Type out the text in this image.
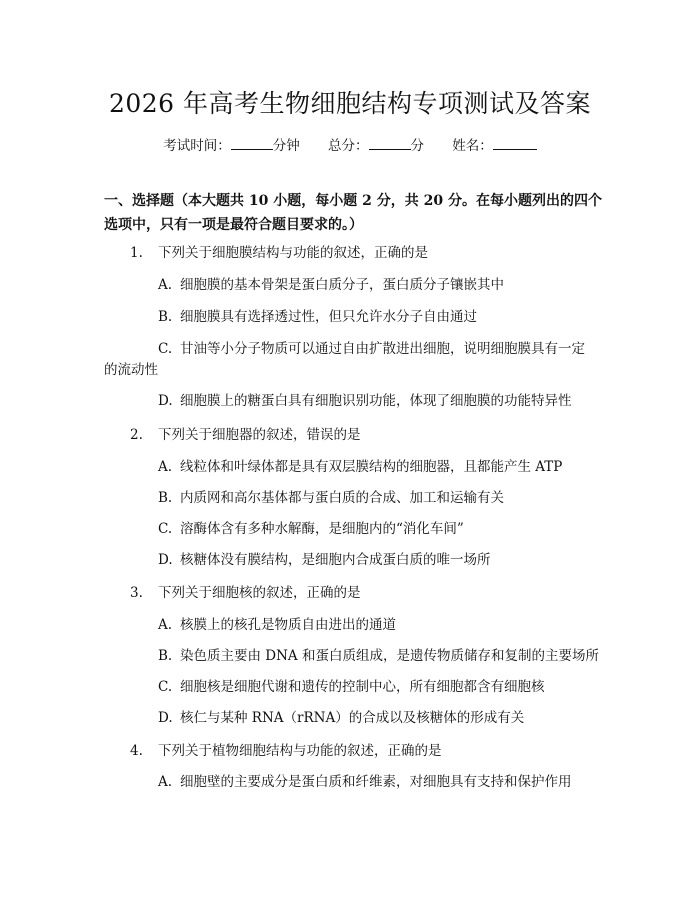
2026 年高考生物细胞结构专项测试及答案
考试时间：	分钟 总分：	分 姓名：
一、选择题（本大题共 10 小题，每小题 2 分，共 20 分。在每小题列出的四个选项中，只有一项是最符合题目要求的。）
1. 下列关于细胞膜结构与功能的叙述，正确的是
A. 细胞膜的基本骨架是蛋白质分子，蛋白质分子镶嵌其中
B. 细胞膜具有选择透过性，但只允许水分子自由通过
C. 甘油等小分子物质可以通过自由扩散进出细胞，说明细胞膜具有一定
的流动性
D. 细胞膜上的糖蛋白具有细胞识别功能，体现了细胞膜的功能特异性
2. 下列关于细胞器的叙述，错误的是
A. 线粒体和叶绿体都是具有双层膜结构的细胞器，且都能产生 ATP
B. 内质网和高尔基体都与蛋白质的合成、加工和运输有关
C. 溶酶体含有多种水解酶，是细胞内的“消化车间”
D. 核糖体没有膜结构，是细胞内合成蛋白质的唯一场所
3. 下列关于细胞核的叙述，正确的是
A. 核膜上的核孔是物质自由进出的通道
B. 染色质主要由 DNA 和蛋白质组成，是遗传物质储存和复制的主要场所
C. 细胞核是细胞代谢和遗传的控制中心，所有细胞都含有细胞核
D. 核仁与某种 RNA（rRNA）的合成以及核糖体的形成有关
4. 下列关于植物细胞结构与功能的叙述，正确的是
A. 细胞壁的主要成分是蛋白质和纤维素，对细胞具有支持和保护作用
